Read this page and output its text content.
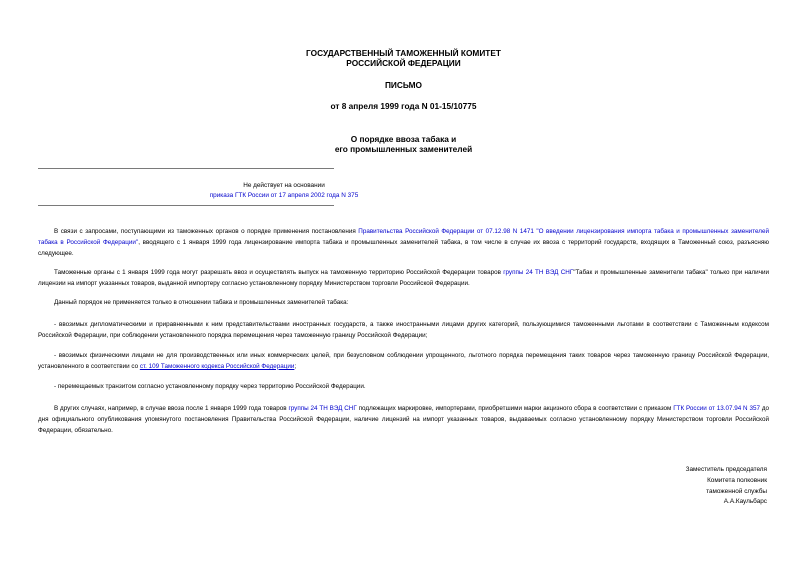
ГОСУДАРСТВЕННЫЙ ТАМОЖЕННЫЙ КОМИТЕТ
РОССИЙСКОЙ ФЕДЕРАЦИИ
ПИСЬМО
от 8 апреля 1999 года N 01-15/10775
О порядке ввоза табака и
его промышленных заменителей
Не действует на основании
приказа ГТК России от 17 апреля 2002 года N 375
В связи с запросами, поступающими из таможенных органов о порядке применения постановления Правительства Российской Федерации от 07.12.98 N 1471 "О введении лицензирования импорта табака и промышленных заменителей табака в Российской Федерации", вводящего с 1 января 1999 года лицензирование импорта табака и промышленных заменителей табака, в том числе в случае их ввоза с территорий государств, входящих в Таможенный союз, разъясняю следующее.
Таможенные органы с 1 января 1999 года могут разрешать ввоз и осуществлять выпуск на таможенную территорию Российской Федерации товаров группы 24 ТН ВЭД СНГ"Табак и промышленные заменители табака" только при наличии лицензии на импорт указанных товаров, выданной импортеру согласно установленному порядку Министерством торговли Российской Федерации.
Данный порядок не применяется только в отношении табака и промышленных заменителей табака:
- ввозимых дипломатическими и приравненными к ним представительствами иностранных государств, а также иностранными лицами других категорий, пользующимися таможенными льготами в соответствии с Таможенным кодексом Российской Федерации, при соблюдении установленного порядка перемещения через таможенную границу Российской Федерации;
- ввозимых физическими лицами не для производственных или иных коммерческих целей, при безусловном соблюдении упрощенного, льготного порядка перемещения таких товаров через таможенную границу Российской Федерации, установленного в соответствии со ст. 109 Таможенного кодекса Российской Федерации;
- перемещаемых транзитом согласно установленному порядку через территорию Российской Федерации.
В других случаях, например, в случае ввоза после 1 января 1999 года товаров группы 24 ТН ВЭД СНГ подлежащих маркировке, импортерами, приобретшими марки акцизного сбора в соответствии с приказом ГТК России от 13.07.94 N 357 до дня официального опубликования упомянутого постановления Правительства Российской Федерации, наличие лицензий на импорт указанных товаров, выдаваемых согласно установленному порядку Министерством торговли Российской Федерации, обязательно.
Заместитель председателя
Комитета полковник
таможенной службы
А.А.Каульбарс
